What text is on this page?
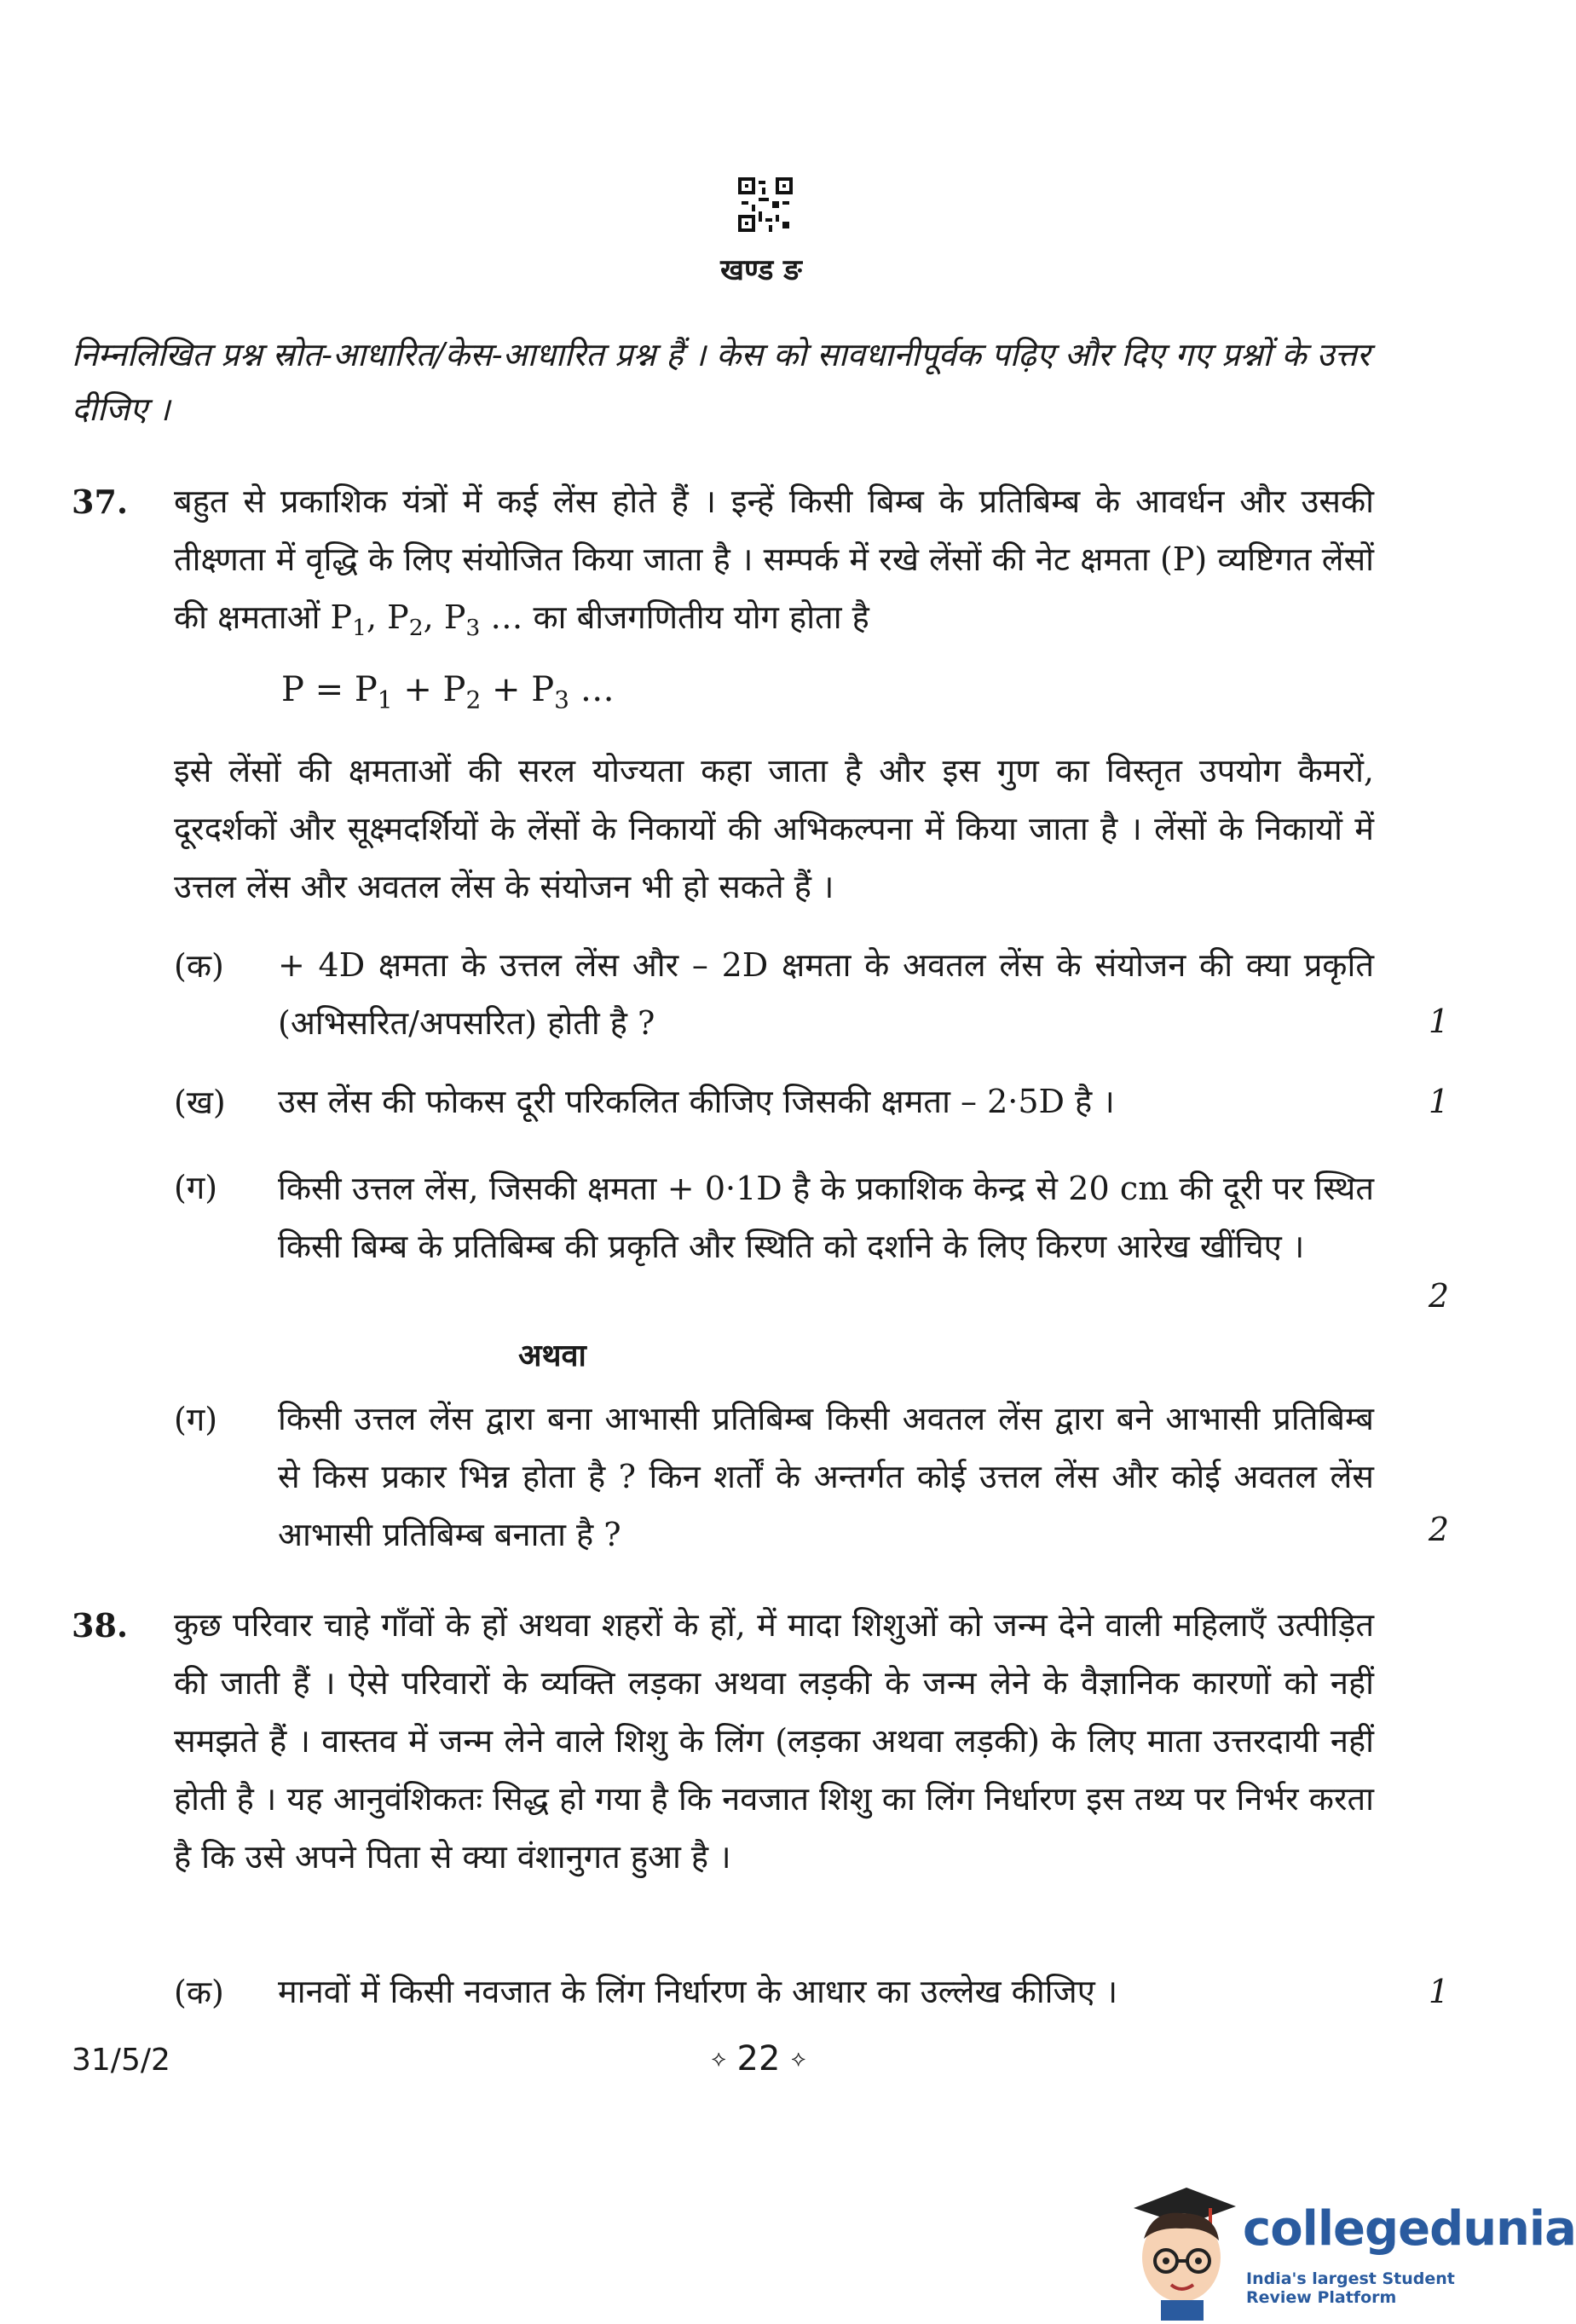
खण्ड ङ
निम्नलिखित प्रश्न स्रोत-आधारित/केस-आधारित प्रश्न हैं । केस को सावधानीपूर्वक पढ़िए और दिए गए प्रश्नों के उत्तर दीजिए ।
37. बहुत से प्रकाशिक यंत्रों में कई लेंस होते हैं । इन्हें किसी बिम्ब के प्रतिबिम्ब के आवर्धन और उसकी तीक्ष्णता में वृद्धि के लिए संयोजित किया जाता है । सम्पर्क में रखे लेंसों की नेट क्षमता (P) व्यष्टिगत लेंसों की क्षमताओं $P_1$, $P_2$, $P_3$ … का बीजगणितीय योग होता है
$P = P_1 + P_2 + P_3$ …
इसे लेंसों की क्षमताओं की सरल योज्यता कहा जाता है और इस गुण का विस्तृत उपयोग कैमरों, दूरदर्शकों और सूक्ष्मदर्शियों के लेंसों के निकायों की अभिकल्पना में किया जाता है । लेंसों के निकायों में उत्तल लेंस और अवतल लेंस के संयोजन भी हो सकते हैं ।
(क) + 4D क्षमता के उत्तल लेंस और – 2D क्षमता के अवतल लेंस के संयोजन की क्या प्रकृति (अभिसरित/अपसरित) होती है ?	1
(ख) उस लेंस की फोकस दूरी परिकलित कीजिए जिसकी क्षमता – 2·5D है ।	1
(ग) किसी उत्तल लेंस, जिसकी क्षमता + 0·1D है के प्रकाशिक केन्द्र से 20 cm की दूरी पर स्थित किसी बिम्ब के प्रतिबिम्ब की प्रकृति और स्थिति को दर्शाने के लिए किरण आरेख खींचिए ।
2
अथवा
(ग) किसी उत्तल लेंस द्वारा बना आभासी प्रतिबिम्ब किसी अवतल लेंस द्वारा बने आभासी प्रतिबिम्ब से किस प्रकार भिन्न होता है ? किन शर्तों के अन्तर्गत कोई उत्तल लेंस और कोई अवतल लेंस आभासी प्रतिबिम्ब बनाता है ?	2
38. कुछ परिवार चाहे गाँवों के हों अथवा शहरों के हों, में मादा शिशुओं को जन्म देने वाली महिलाएँ उत्पीड़ित की जाती हैं । ऐसे परिवारों के व्यक्ति लड़का अथवा लड़की के जन्म लेने के वैज्ञानिक कारणों को नहीं समझते हैं । वास्तव में जन्म लेने वाले शिशु के लिंग (लड़का अथवा लड़की) के लिए माता उत्तरदायी नहीं होती है । यह आनुवंशिकतः सिद्ध हो गया है कि नवजात शिशु का लिंग निर्धारण इस तथ्य पर निर्भर करता है कि उसे अपने पिता से क्या वंशानुगत हुआ है ।
(क) मानवों में किसी नवजात के लिंग निर्धारण के आधार का उल्लेख कीजिए ।	1
31/5/2	⟡ 22 ⟡
collegedunia
India's largest Student Review Platform
